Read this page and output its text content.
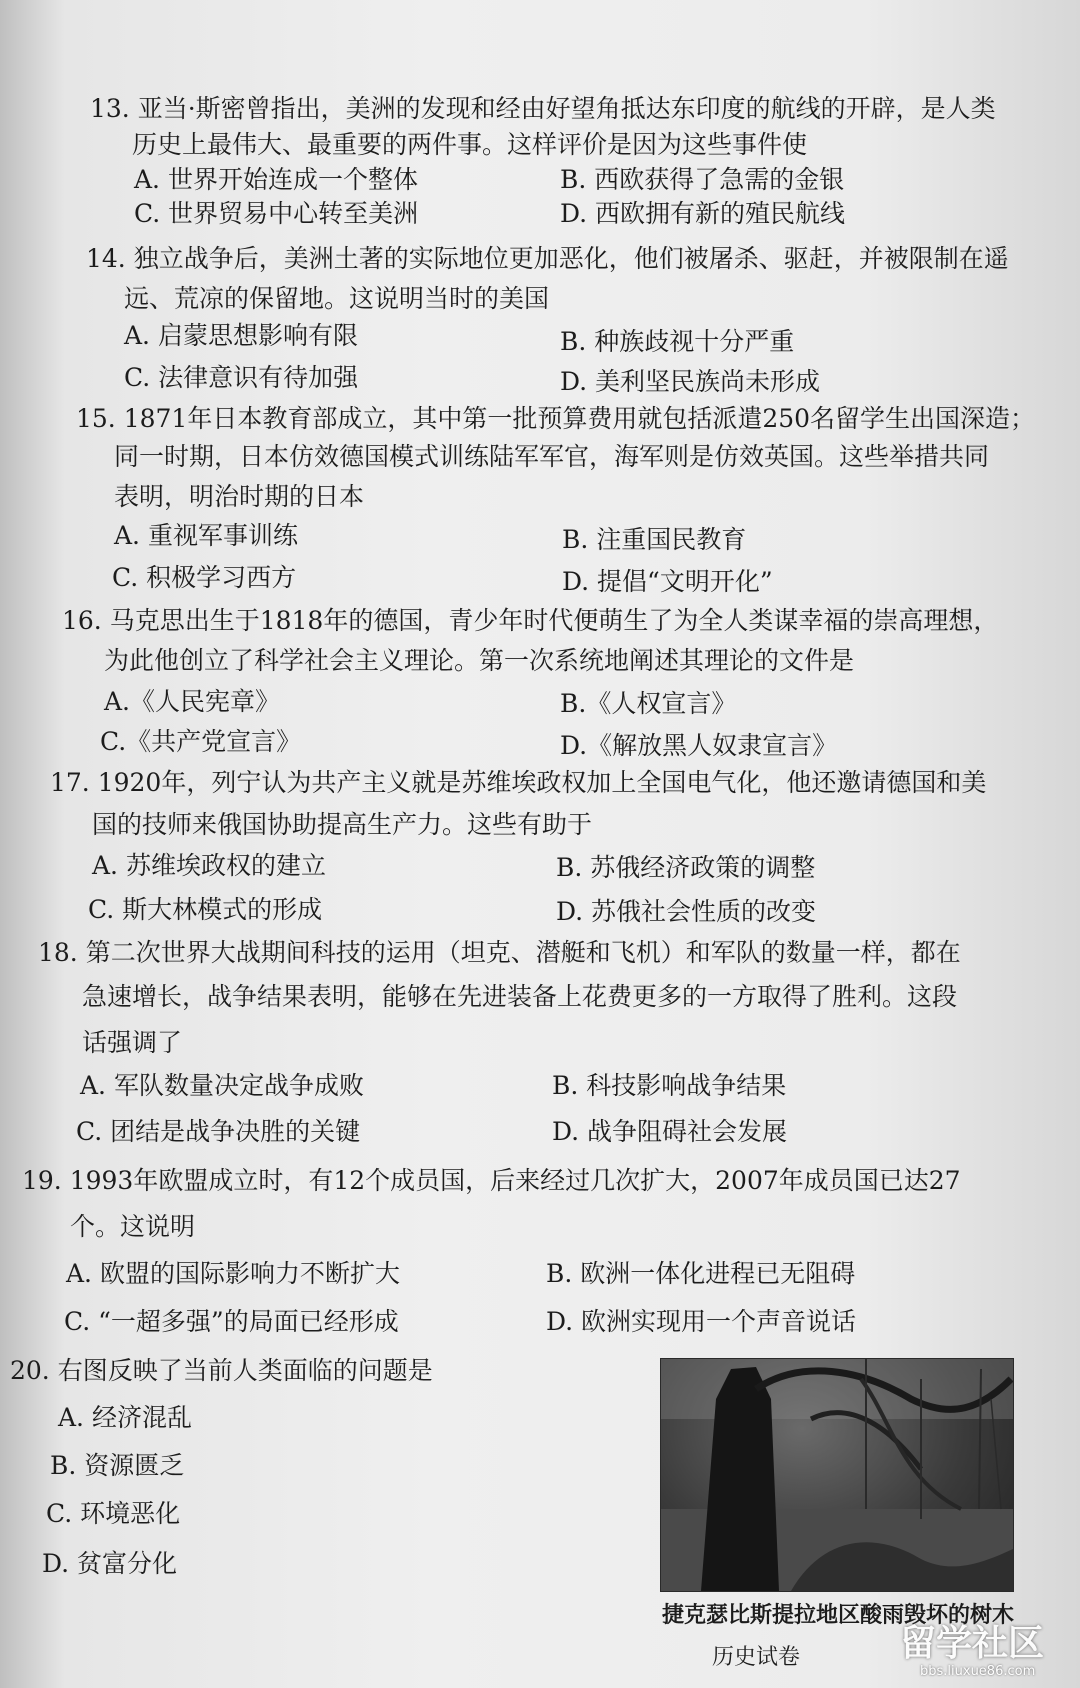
13. 亚当·斯密曾指出，美洲的发现和经由好望角抵达东印度的航线的开辟，是人类
历史上最伟大、最重要的两件事。这样评价是因为这些事件使
A. 世界开始连成一个整体	B. 西欧获得了急需的金银
C. 世界贸易中心转至美洲	D. 西欧拥有新的殖民航线
14. 独立战争后，美洲土著的实际地位更加恶化，他们被屠杀、驱赶，并被限制在遥
远、荒凉的保留地。这说明当时的美国
A. 启蒙思想影响有限	B. 种族歧视十分严重
C. 法律意识有待加强	D. 美利坚民族尚未形成
15. 1871年日本教育部成立，其中第一批预算费用就包括派遣250名留学生出国深造；
同一时期，日本仿效德国模式训练陆军军官，海军则是仿效英国。这些举措共同
表明，明治时期的日本
A. 重视军事训练	B. 注重国民教育
C. 积极学习西方	D. 提倡“文明开化”
16. 马克思出生于1818年的德国，青少年时代便萌生了为全人类谋幸福的崇高理想，
为此他创立了科学社会主义理论。第一次系统地阐述其理论的文件是
A.《人民宪章》	B.《人权宣言》
C.《共产党宣言》	D.《解放黑人奴隶宣言》
17. 1920年，列宁认为共产主义就是苏维埃政权加上全国电气化，他还邀请德国和美
国的技师来俄国协助提高生产力。这些有助于
A. 苏维埃政权的建立	B. 苏俄经济政策的调整
C. 斯大林模式的形成	D. 苏俄社会性质的改变
18. 第二次世界大战期间科技的运用（坦克、潜艇和飞机）和军队的数量一样，都在
急速增长，战争结果表明，能够在先进装备上花费更多的一方取得了胜利。这段
话强调了
A. 军队数量决定战争成败	B. 科技影响战争结果
C. 团结是战争决胜的关键	D. 战争阻碍社会发展
19. 1993年欧盟成立时，有12个成员国，后来经过几次扩大，2007年成员国已达27
个。这说明
A. 欧盟的国际影响力不断扩大	B. 欧洲一体化进程已无阻碍
C. “一超多强”的局面已经形成	D. 欧洲实现用一个声音说话
20. 右图反映了当前人类面临的问题是
A. 经济混乱
B. 资源匮乏
C. 环境恶化
D. 贫富分化
捷克瑟比斯提拉地区酸雨毁坏的树木
历史试卷	留学社区
bbs.liuxue86.com
